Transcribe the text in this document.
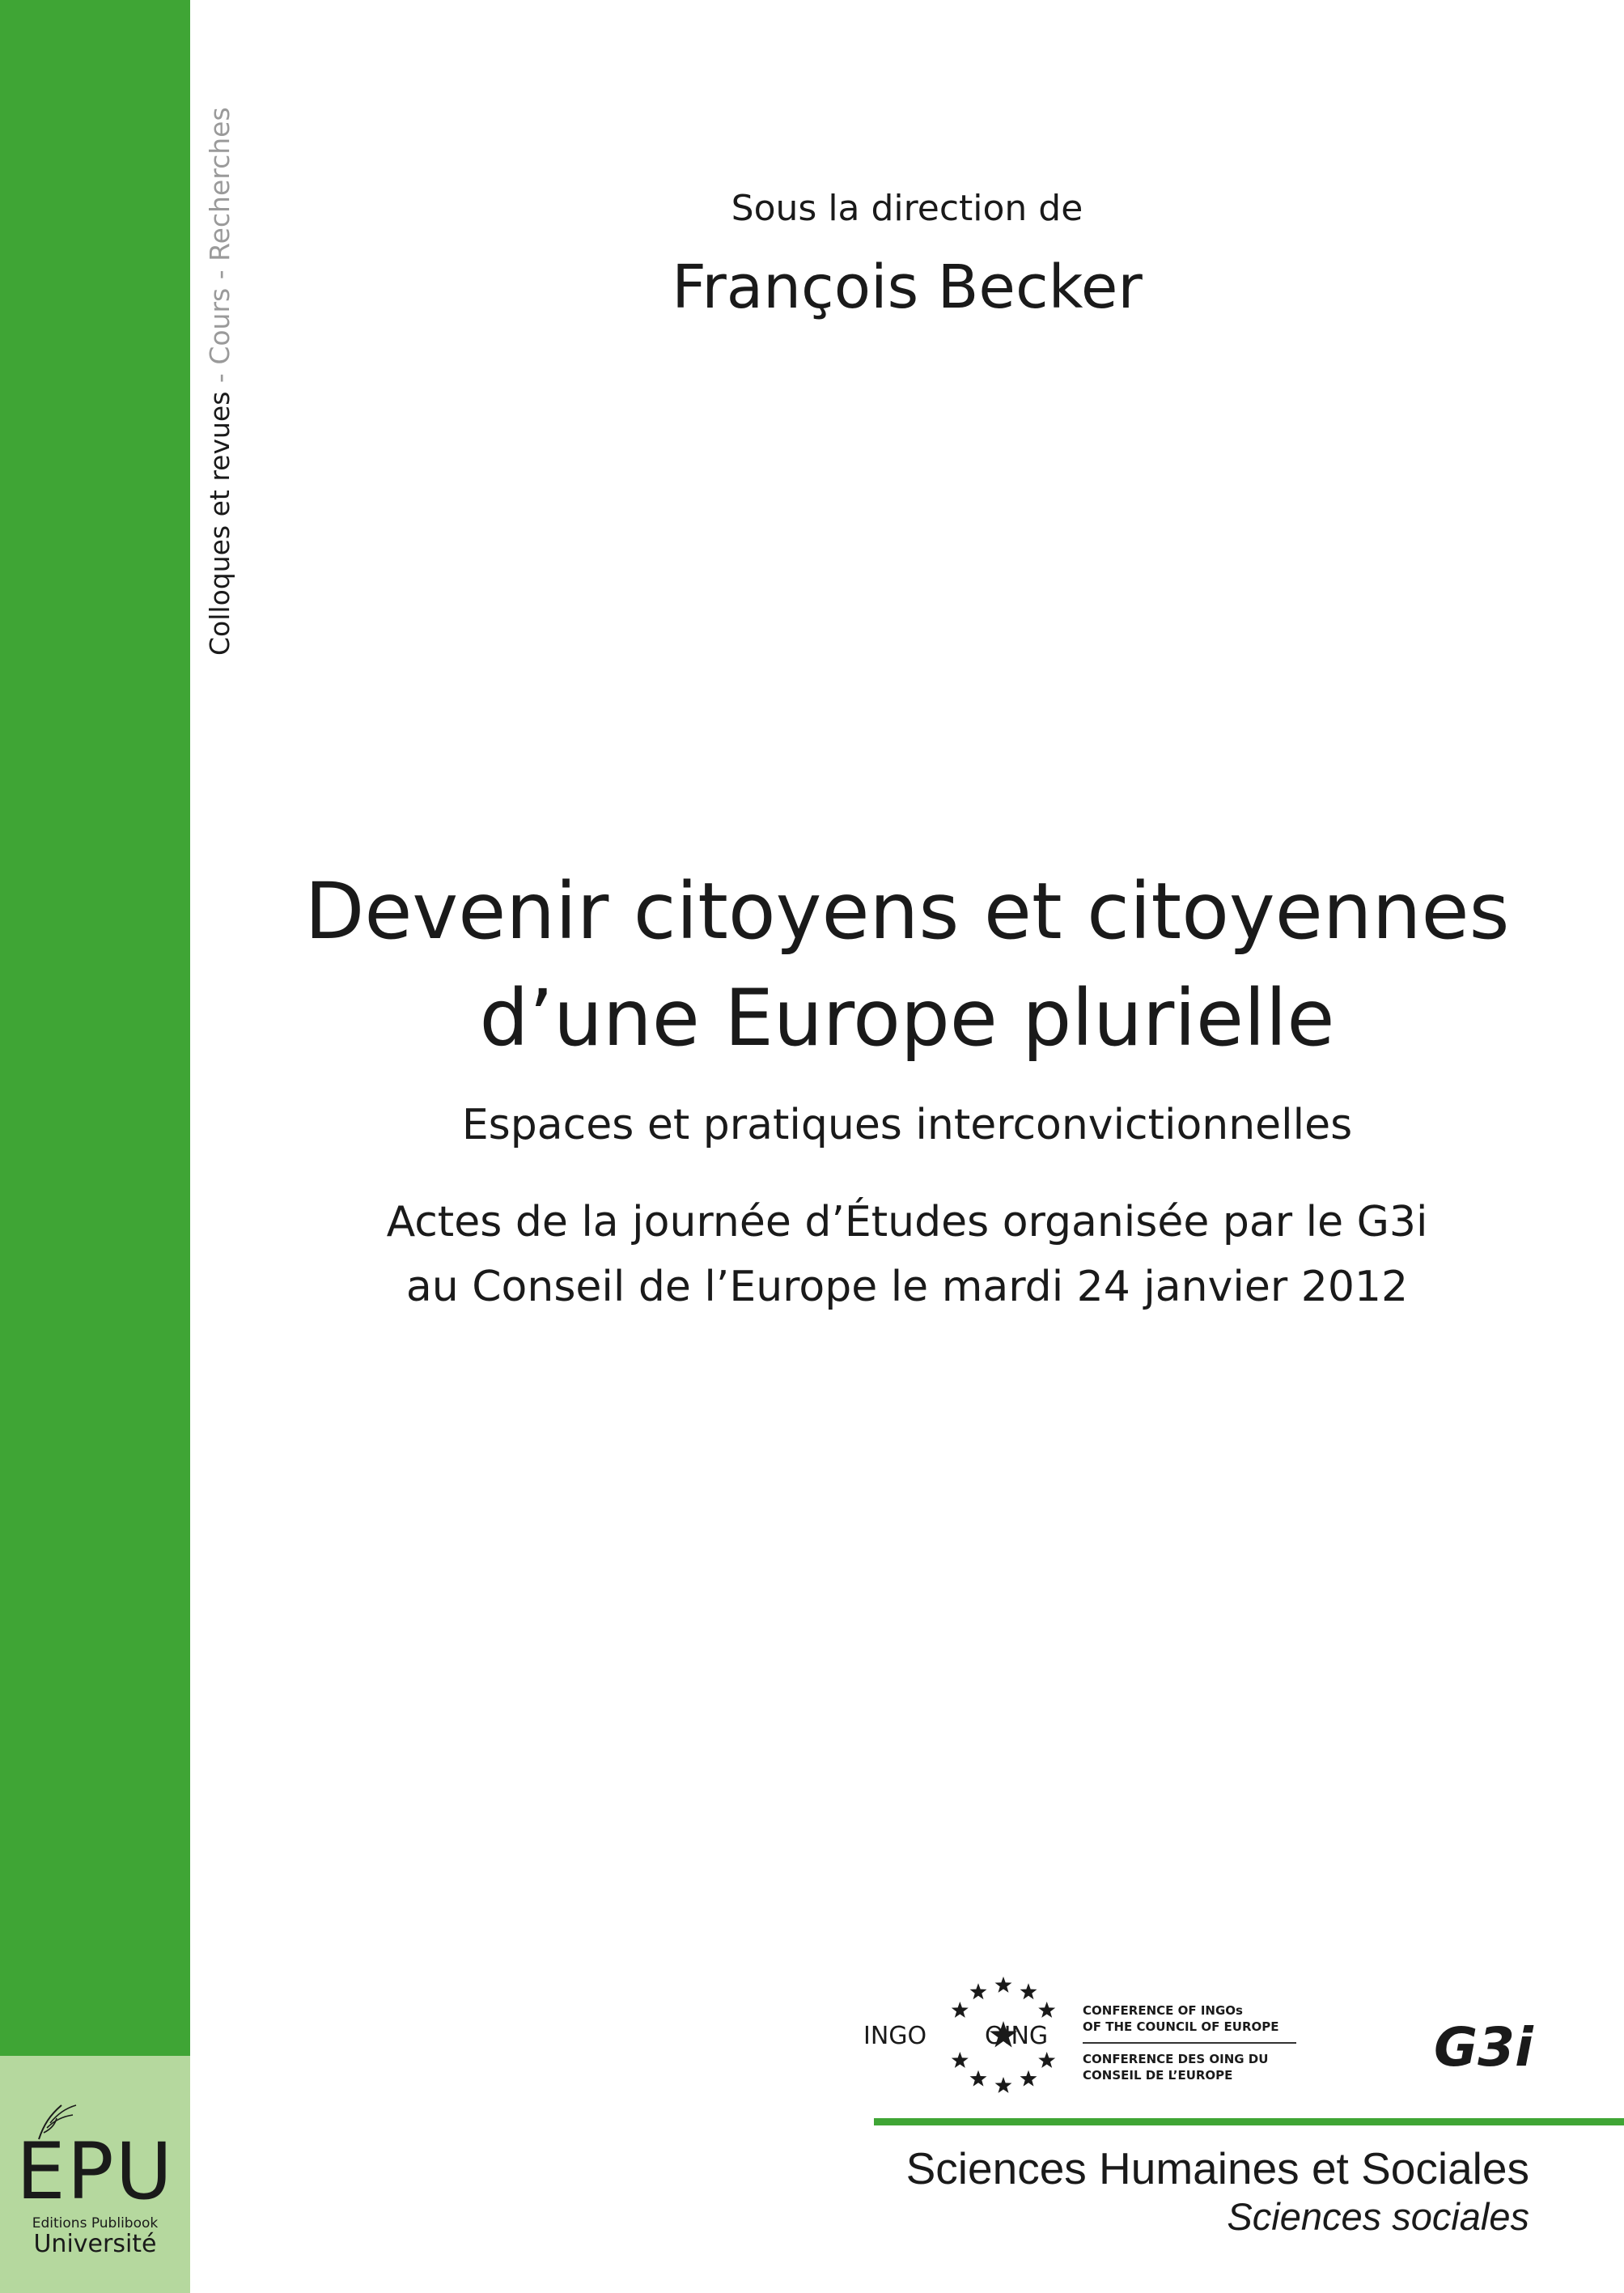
Colloques et revues - Cours - Recherches
EPU
Editions Publibook
Université
Sous la direction de
François Becker
Devenir citoyens et citoyennes
d’une Europe plurielle
Espaces et pratiques interconvictionnelles
Actes de la journée d’Études organisée par le G3i
au Conseil de l’Europe le mardi 24 janvier 2012
INGO OING
CONFERENCE OF INGOs
OF THE COUNCIL OF EUROPE
CONFERENCE DES OING DU
CONSEIL DE L’EUROPE	G3i
Sciences Humaines et Sociales
Sciences sociales
